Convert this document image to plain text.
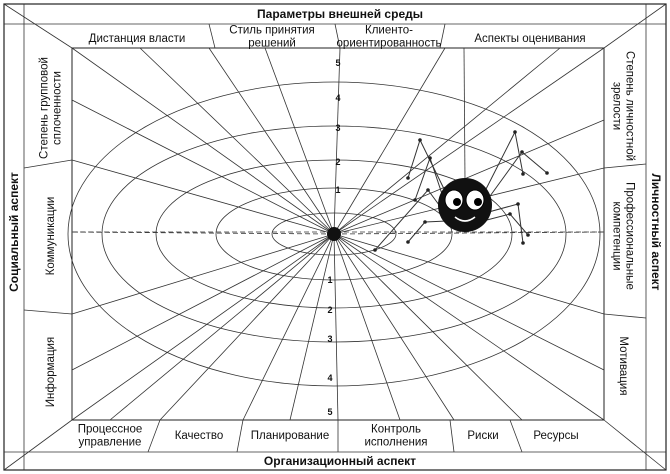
Параметры внешней среды
Организационный аспект
Социальный аспект	Личностный аспект
Дистанция власти
Стиль принятия решений
Клиенто-ориентированность	Аспекты оценивания
Процессное управление
Качество Планирование
Контроль исполнения
Риски	Ресурсы
Степень групповойсплоченности
Коммуникации
Информация
Степень личностнойзрелости
Профессиональныекомпетенции
Мотивация
1
2
3
4
5
1
2
3
4
5
